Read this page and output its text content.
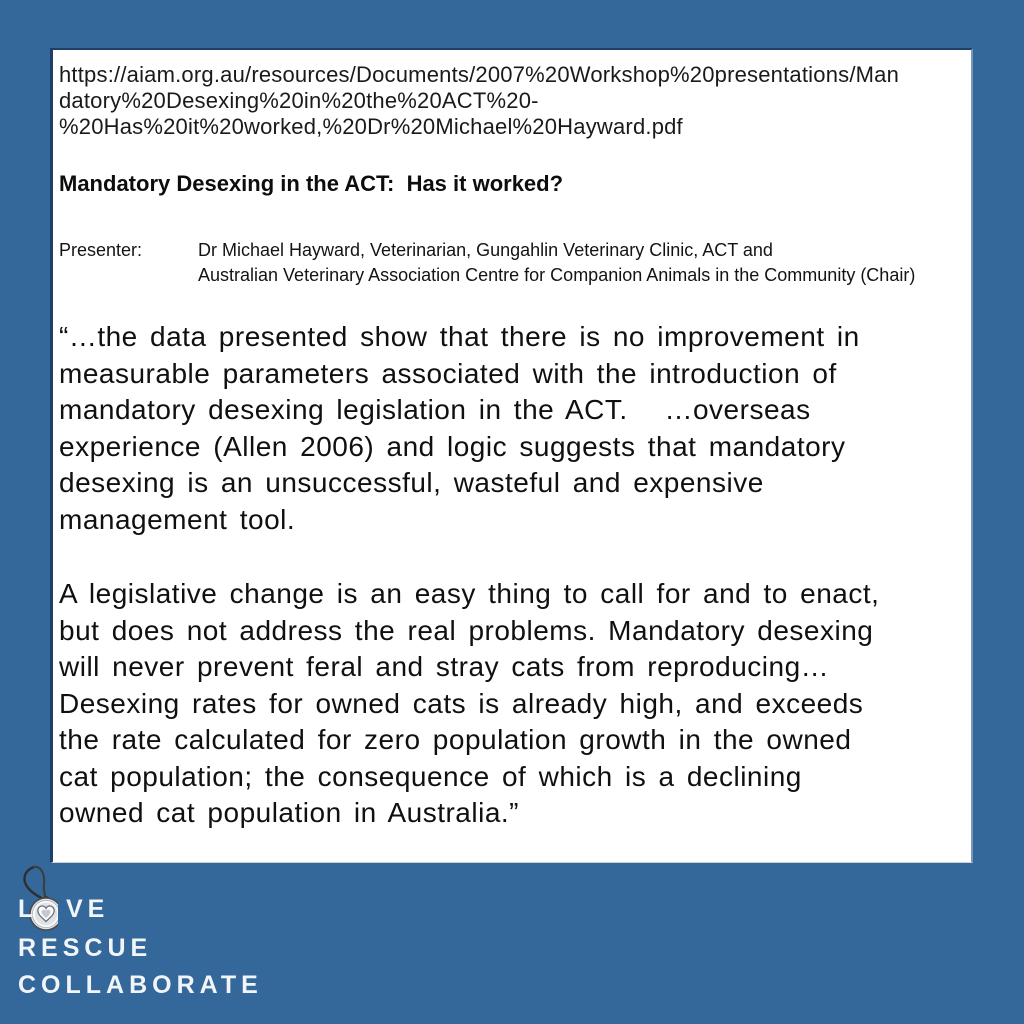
https://aiam.org.au/resources/Documents/2007%20Workshop%20presentations/Man
datory%20Desexing%20in%20the%20ACT%20-
%20Has%20it%20worked,%20Dr%20Michael%20Hayward.pdf
Mandatory Desexing in the ACT:  Has it worked?
Presenter:	Dr Michael Hayward, Veterinarian, Gungahlin Veterinary Clinic, ACT and
Australian Veterinary Association Centre for Companion Animals in the Community (Chair)
“…the data presented show that there is no improvement in
measurable parameters associated with the introduction of
mandatory desexing legislation in the ACT.   …overseas
experience (Allen 2006) and logic suggests that mandatory
desexing is an unsuccessful, wasteful and expensive
management tool.
A legislative change is an easy thing to call for and to enact,
but does not address the real problems. Mandatory desexing
will never prevent feral and stray cats from reproducing…
Desexing rates for owned cats is already high, and exceeds
the rate calculated for zero population growth in the owned
cat population; the consequence of which is a declining
owned cat population in Australia.”
L VE
RESCUE
COLLABORATE
